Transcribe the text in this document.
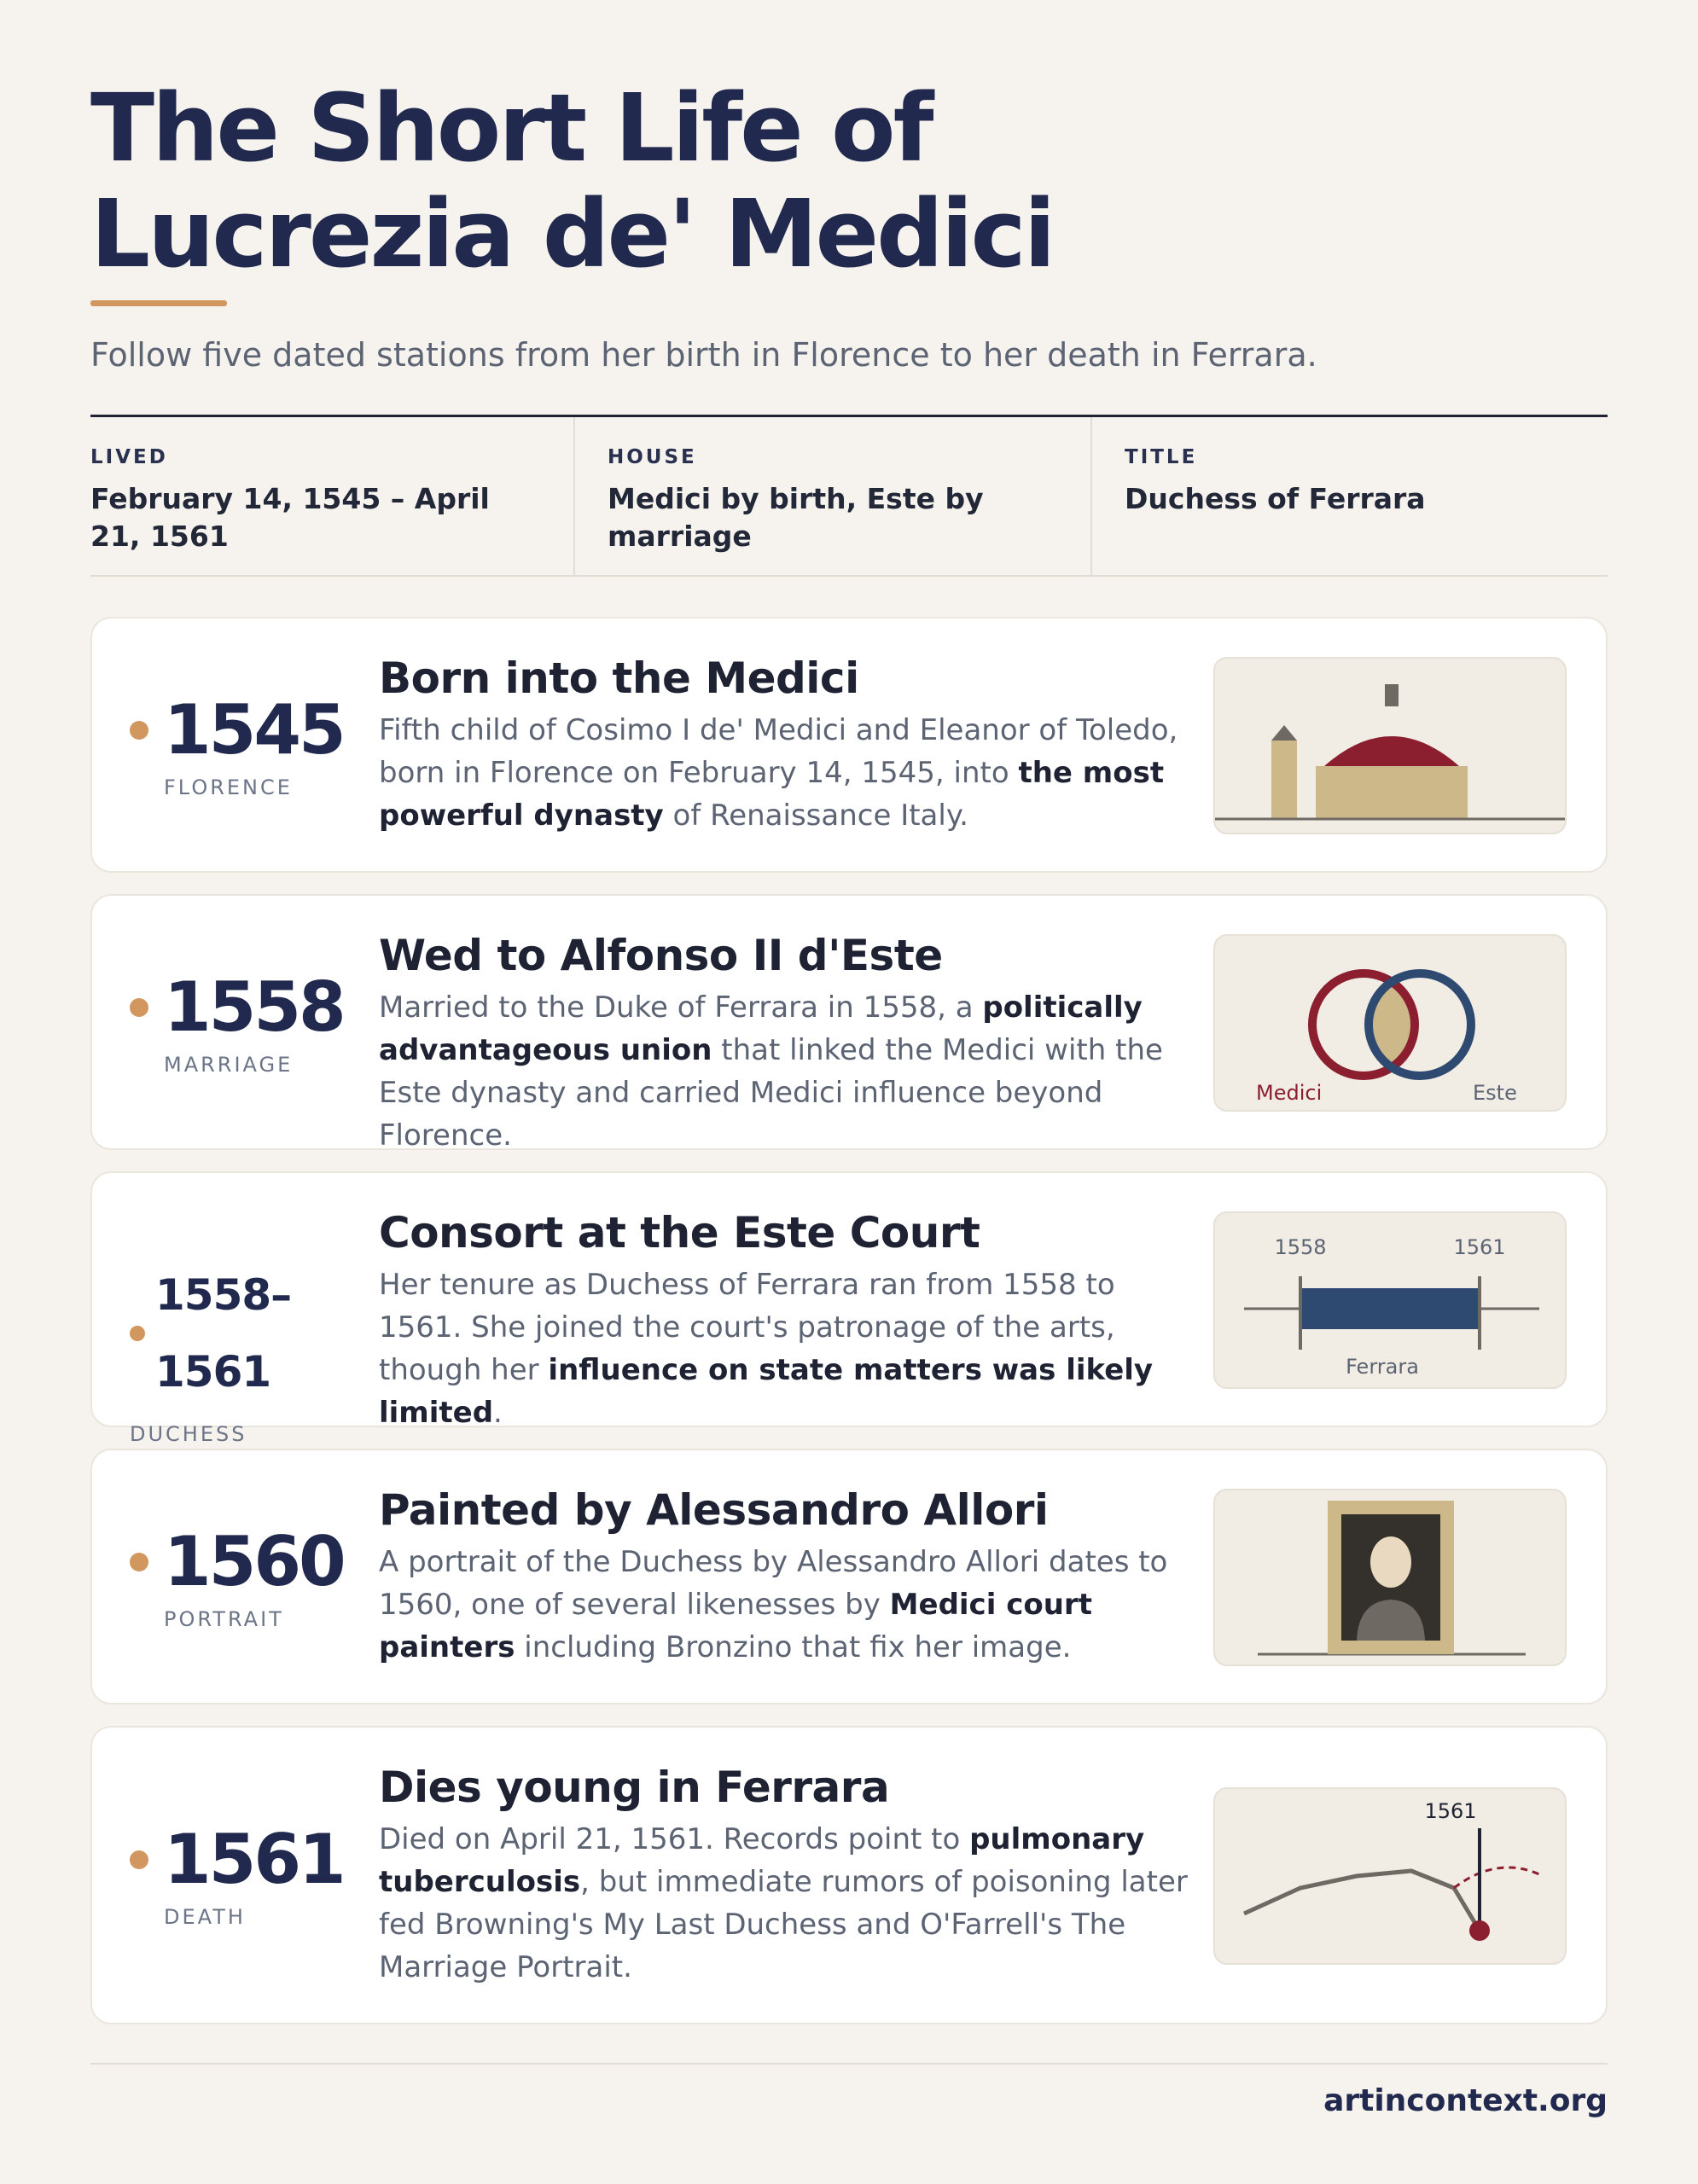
The Short Life of
Lucrezia de' Medici

Follow five dated stations from her birth in Florence to her death in Ferrara.

LIVED
February 14, 1545 – April 21, 1561
HOUSE
Medici by birth, Este by marriage
TITLE
Duchess of Ferrara
1545
FLORENCE
Born into the Medici
Fifth child of Cosimo I de' Medici and Eleanor of Toledo, born in Florence on February 14, 1545, into the most powerful dynasty of Renaissance Italy.
1558
MARRIAGE
Wed to Alfonso II d'Este
Married to the Duke of Ferrara in 1558, a politically advantageous union that linked the Medici with the Este dynasty and carried Medici influence beyond Florence.
Medici	Este
1558–1561
DUCHESS
Consort at the Este Court
Her tenure as Duchess of Ferrara ran from 1558 to 1561. She joined the court's patronage of the arts, though her influence on state matters was likely limited.
1558	1561
Ferrara
1560
PORTRAIT
Painted by Alessandro Allori
A portrait of the Duchess by Alessandro Allori dates to 1560, one of several likenesses by Medici court painters including Bronzino that fix her image.
1561
DEATH
Dies young in Ferrara
Died on April 21, 1561. Records point to pulmonary tuberculosis, but immediate rumors of poisoning later fed Browning's My Last Duchess and O'Farrell's The Marriage Portrait.
1561
artincontext.org
